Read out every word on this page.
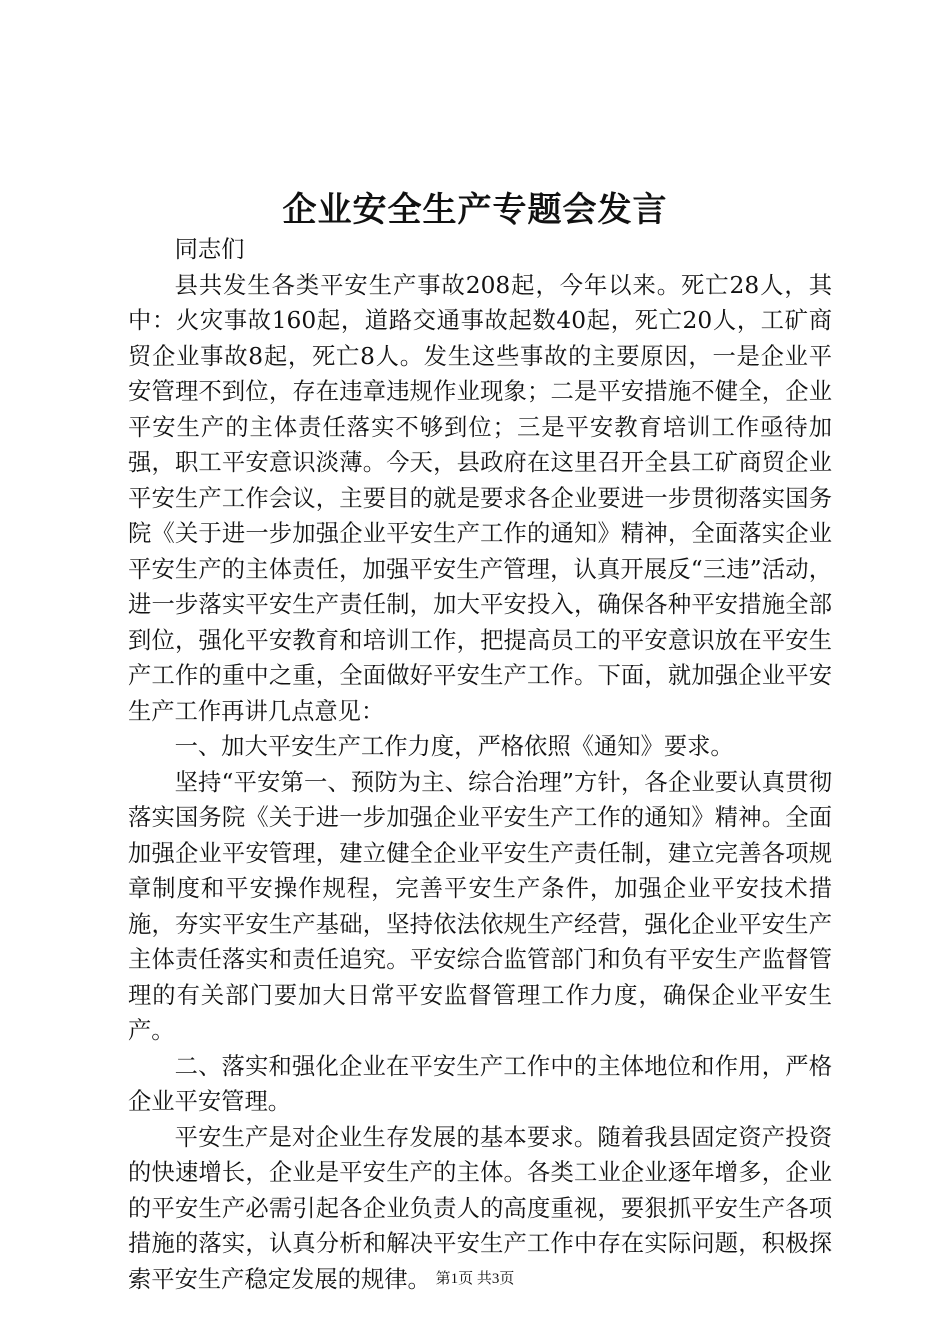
企业安全生产专题会发言

同志们

县共发生各类平安生产事故208起，今年以来。死亡28人，其中：火灾事故160起，道路交通事故起数40起，死亡20人，工矿商贸企业事故8起，死亡8人。发生这些事故的主要原因，一是企业平安管理不到位，存在违章违规作业现象；二是平安措施不健全，企业平安生产的主体责任落实不够到位；三是平安教育培训工作亟待加强，职工平安意识淡薄。今天，县政府在这里召开全县工矿商贸企业平安生产工作会议，主要目的就是要求各企业要进一步贯彻落实国务院《关于进一步加强企业平安生产工作的通知》精神，全面落实企业平安生产的主体责任，加强平安生产管理，认真开展反“三违”活动，进一步落实平安生产责任制，加大平安投入，确保各种平安措施全部到位，强化平安教育和培训工作，把提高员工的平安意识放在平安生产工作的重中之重，全面做好平安生产工作。下面，就加强企业平安生产工作再讲几点意见：

一、加大平安生产工作力度，严格依照《通知》要求。

坚持“平安第一、预防为主、综合治理”方针，各企业要认真贯彻落实国务院《关于进一步加强企业平安生产工作的通知》精神。全面加强企业平安管理，建立健全企业平安生产责任制，建立完善各项规章制度和平安操作规程，完善平安生产条件，加强企业平安技术措施，夯实平安生产基础，坚持依法依规生产经营，强化企业平安生产主体责任落实和责任追究。平安综合监管部门和负有平安生产监督管理的有关部门要加大日常平安监督管理工作力度，确保企业平安生产。

二、落实和强化企业在平安生产工作中的主体地位和作用，严格企业平安管理。

平安生产是对企业生存发展的基本要求。随着我县固定资产投资的快速增长，企业是平安生产的主体。各类工业企业逐年增多，企业的平安生产必需引起各企业负责人的高度重视，要狠抓平安生产各项措施的落实，认真分析和解决平安生产工作中存在实际问题，积极探索平安生产稳定发展的规律。 第1页 共3页
